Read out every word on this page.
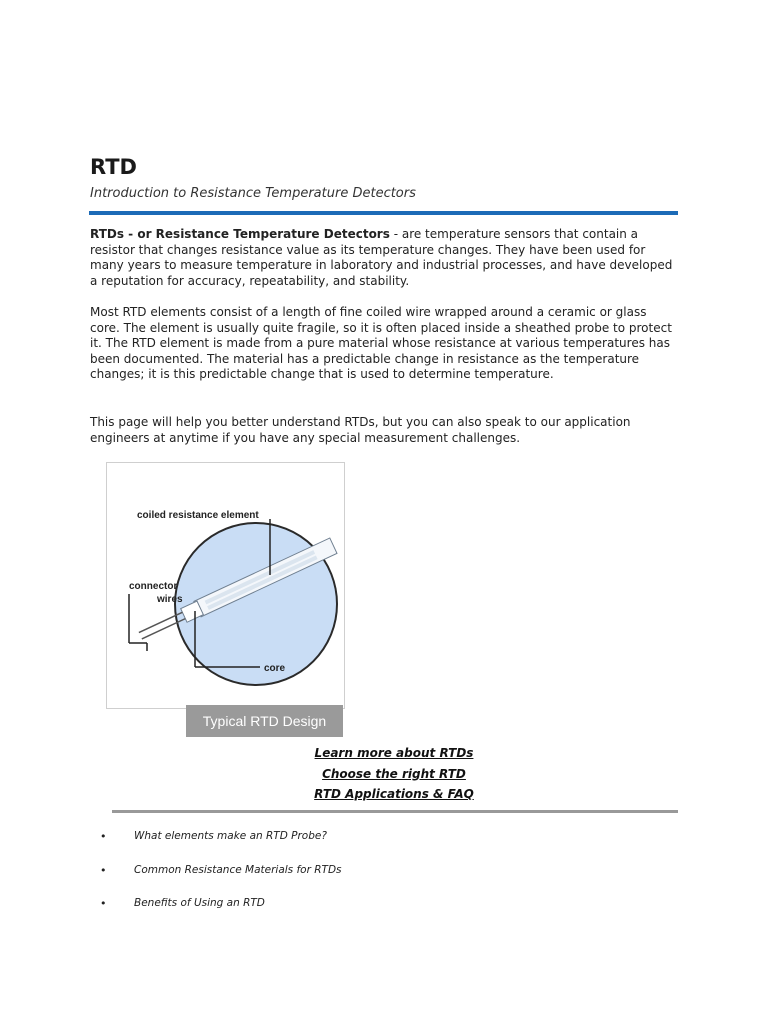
RTD
Introduction to Resistance Temperature Detectors
RTDs - or Resistance Temperature Detectors - are temperature sensors that contain a resistor that changes resistance value as its temperature changes. They have been used for many years to measure temperature in laboratory and industrial processes, and have developed a reputation for accuracy, repeatability, and stability.
Most RTD elements consist of a length of fine coiled wire wrapped around a ceramic or glass core. The element is usually quite fragile, so it is often placed inside a sheathed probe to protect it. The RTD element is made from a pure material whose resistance at various temperatures has been documented. The material has a predictable change in resistance as the temperature changes; it is this predictable change that is used to determine temperature.
This page will help you better understand RTDs, but you can also speak to our application engineers at anytime if you have any special measurement challenges.
coiled resistance element
connector
wires
core
Typical RTD Design
Learn more about RTDs
Choose the right RTD
RTD Applications & FAQ
•	What elements make an RTD Probe?
•	Common Resistance Materials for RTDs
•	Benefits of Using an RTD
